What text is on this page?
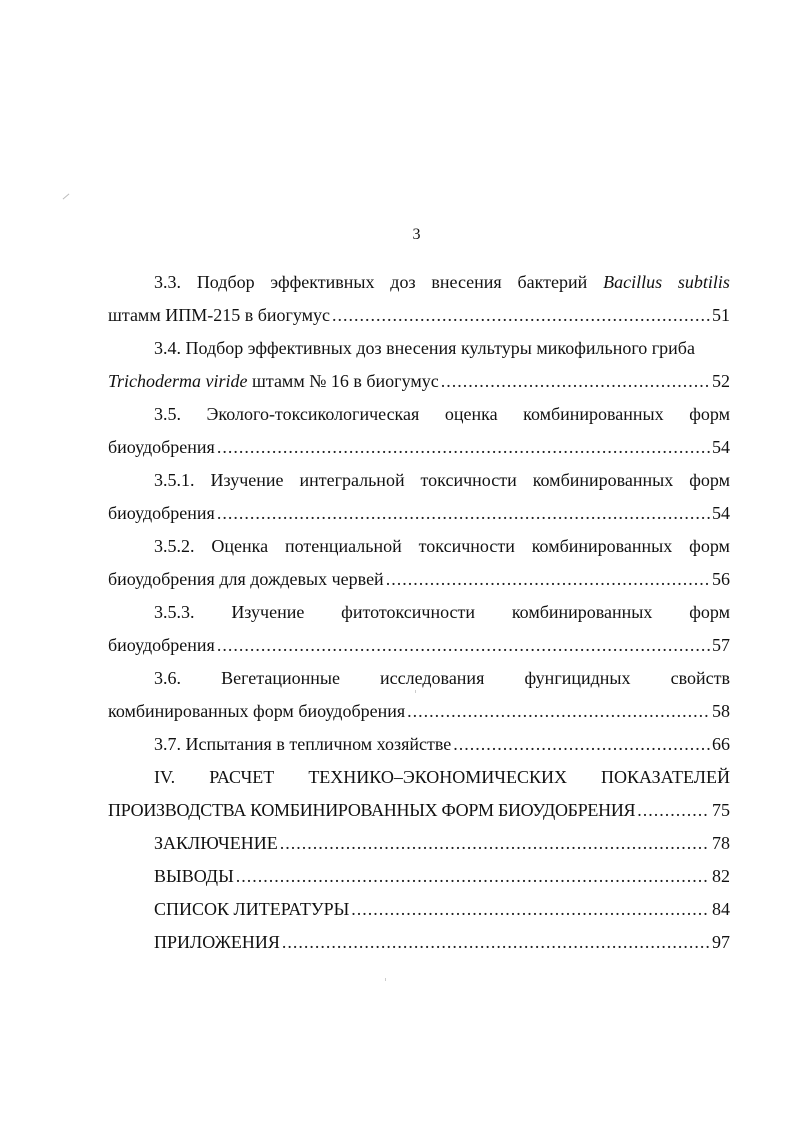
3
3.3. Подбор эффективных доз внесения бактерий Bacillus subtilis
штамм ИПМ-215 в биогумус .....	51
3.4. Подбор эффективных доз внесения культуры микофильного гриба
Trichoderma viride штамм № 16 в биогумус .....	52
3.5. Эколого-токсикологическая оценка комбинированных форм
биоудобрения .....	54
3.5.1. Изучение интегральной токсичности комбинированных форм
биоудобрения .....	54
3.5.2. Оценка потенциальной токсичности комбинированных форм
биоудобрения для дождевых червей .....	56
3.5.3. Изучение фитотоксичности комбинированных форм
биоудобрения .....	57
3.6. Вегетационные исследования фунгицидных свойств
комбинированных форм биоудобрения .....	58
3.7. Испытания в тепличном хозяйстве .....	66
IV. РАСЧЕТ ТЕХНИКО–ЭКОНОМИЧЕСКИХ ПОКАЗАТЕЛЕЙ
ПРОИЗВОДСТВА КОМБИНИРОВАННЫХ ФОРМ БИОУДОБРЕНИЯ .....	75
ЗАКЛЮЧЕНИЕ .....	78
ВЫВОДЫ .....	82
СПИСОК ЛИТЕРАТУРЫ .....	84
ПРИЛОЖЕНИЯ .....	97
